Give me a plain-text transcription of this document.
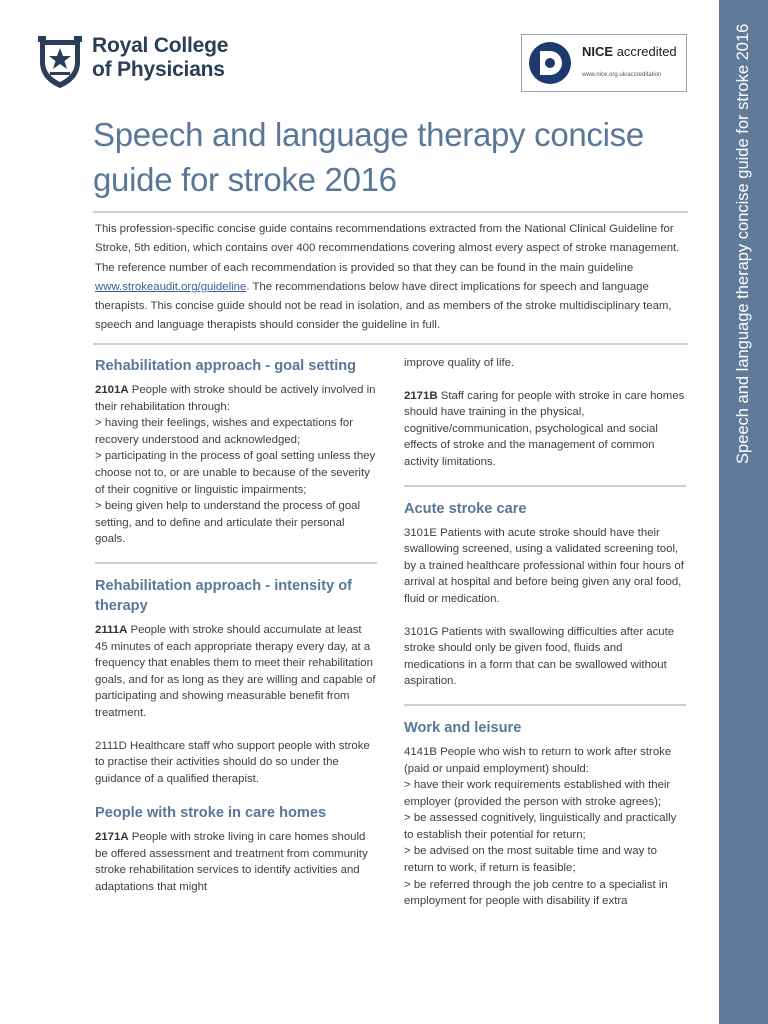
Royal College
of Physicians
NICE accredited
www.nice.org.uk/accreditation	Speech and language therapy concise guide for stroke 2016
Speech and language therapy concise guide for stroke 2016

This profession-specific concise guide contains recommendations extracted from the National Clinical Guideline for Stroke, 5th edition, which contains over 400 recommendations covering almost every aspect of stroke management. The reference number of each recommendation is provided so that they can be found in the main guideline www.strokeaudit.org/guideline. The recommendations below have direct implications for speech and language therapists. This concise guide should not be read in isolation, and as members of the stroke multidisciplinary team, speech and language therapists should consider the guideline in full.

Rehabilitation approach - goal setting

2101A People with stroke should be actively involved in their rehabilitation through:

> having their feelings, wishes and expectations for recovery understood and acknowledged;

> participating in the process of goal setting unless they choose not to, or are unable to because of the severity of their cognitive or linguistic impairments;

> being given help to understand the process of goal setting, and to define and articulate their personal goals.

Rehabilitation approach - intensity of therapy

2111A People with stroke should accumulate at least 45 minutes of each appropriate therapy every day, at a frequency that enables them to meet their rehabilitation goals, and for as long as they are willing and capable of participating and showing measurable benefit from treatment.

2111D Healthcare staff who support people with stroke to practise their activities should do so under the guidance of a qualified therapist.

People with stroke in care homes

2171A People with stroke living in care homes should be offered assessment and treatment from community stroke rehabilitation services to identify activities and adaptations that might

improve quality of life.

2171B Staff caring for people with stroke in care homes should have training in the physical, cognitive/communication, psychological and social effects of stroke and the management of common activity limitations.

Acute stroke care

3101E Patients with acute stroke should have their swallowing screened, using a validated screening tool, by a trained healthcare professional within four hours of arrival at hospital and before being given any oral food, fluid or medication.

3101G Patients with swallowing difficulties after acute stroke should only be given food, fluids and medications in a form that can be swallowed without aspiration.

Work and leisure

4141B People who wish to return to work after stroke (paid or unpaid employment) should:

> have their work requirements established with their employer (provided the person with stroke agrees);

> be assessed cognitively, linguistically and practically to establish their potential for return;

> be advised on the most suitable time and way to return to work, if return is feasible;

> be referred through the job centre to a specialist in employment for people with disability if extra
